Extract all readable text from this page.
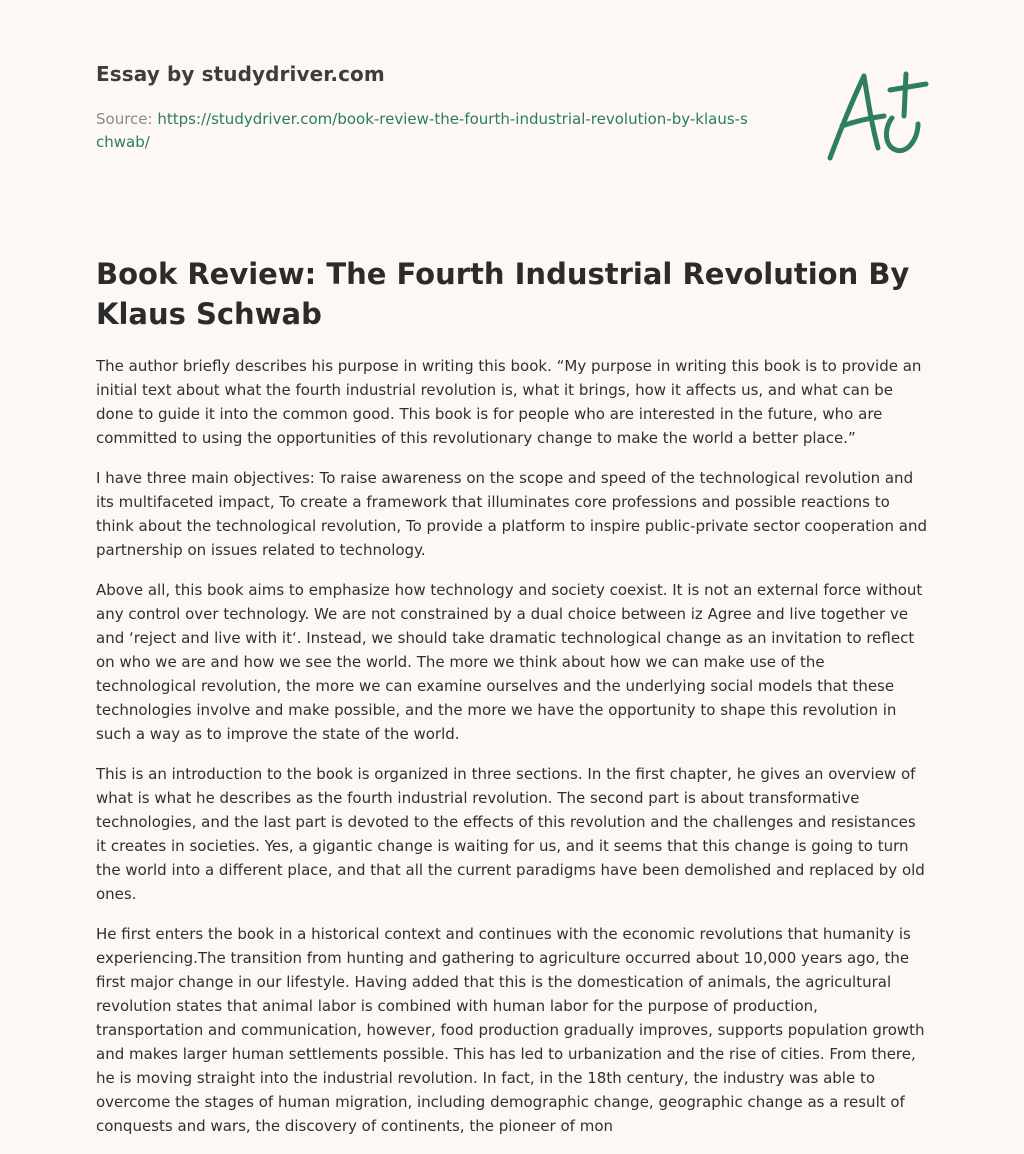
Essay by studydriver.com
Source: https://studydriver.com/book-review-the-fourth-industrial-revolution-by-klaus-schwab/
Book Review: The Fourth Industrial Revolution By Klaus Schwab

The author briefly describes his purpose in writing this book. “My purpose in writing this book is to provide an initial text about what the fourth industrial revolution is, what it brings, how it affects us, and what can be done to guide it into the common good. This book is for people who are interested in the future, who are committed to using the opportunities of this revolutionary change to make the world a better place.”

I have three main objectives: To raise awareness on the scope and speed of the technological revolution and its multifaceted impact, To create a framework that illuminates core professions and possible reactions to think about the technological revolution, To provide a platform to inspire public-private sector cooperation and partnership on issues related to technology.

Above all, this book aims to emphasize how technology and society coexist. It is not an external force without any control over technology. We are not constrained by a dual choice between iz Agree and live together ve and ‘reject and live with it‘. Instead, we should take dramatic technological change as an invitation to reflect on who we are and how we see the world. The more we think about how we can make use of the technological revolution, the more we can examine ourselves and the underlying social models that these technologies involve and make possible, and the more we have the opportunity to shape this revolution in such a way as to improve the state of the world.

This is an introduction to the book is organized in three sections. In the first chapter, he gives an overview of what is what he describes as the fourth industrial revolution. The second part is about transformative technologies, and the last part is devoted to the effects of this revolution and the challenges and resistances it creates in societies. Yes, a gigantic change is waiting for us, and it seems that this change is going to turn the world into a different place, and that all the current paradigms have been demolished and replaced by old ones.

He first enters the book in a historical context and continues with the economic revolutions that humanity is experiencing.The transition from hunting and gathering to agriculture occurred about 10,000 years ago, the first major change in our lifestyle. Having added that this is the domestication of animals, the agricultural revolution states that animal labor is combined with human labor for the purpose of production, transportation and communication, however, food production gradually improves, supports population growth and makes larger human settlements possible. This has led to urbanization and the rise of cities. From there, he is moving straight into the industrial revolution. In fact, in the 18th century, the industry was able to overcome the stages of human migration, including demographic change, geographic change as a result of conquests and wars, the discovery of continents, the pioneer of mon
